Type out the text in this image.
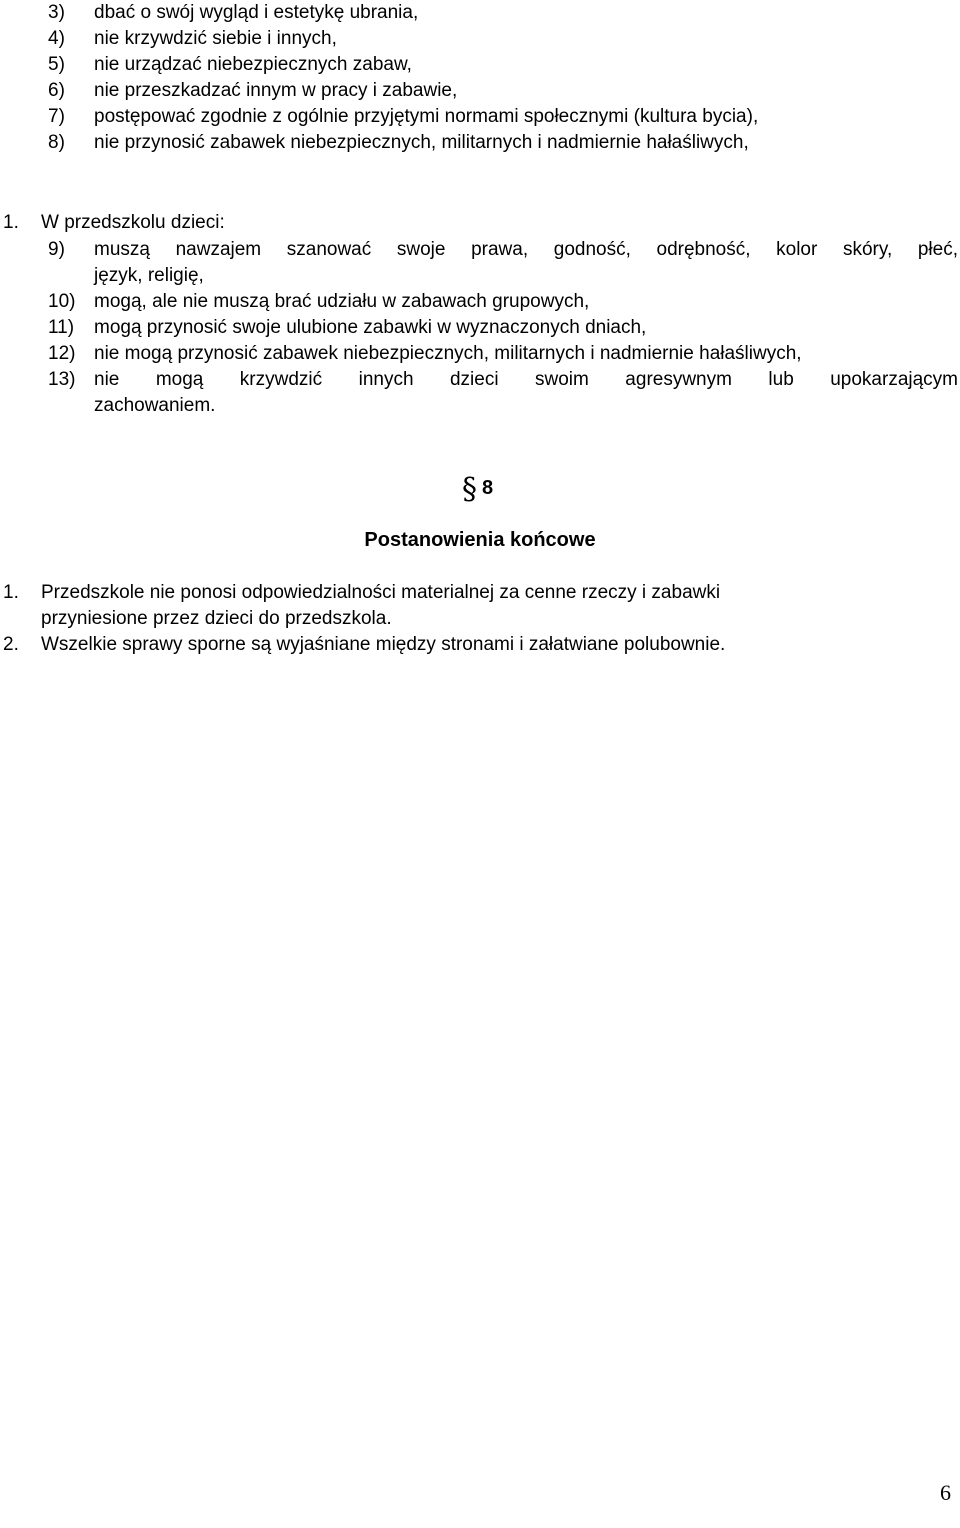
3) dbać o swój wygląd i estetykę ubrania,
4) nie krzywdzić siebie i innych,
5) nie urządzać niebezpiecznych zabaw,
6) nie przeszkadzać innym w pracy i zabawie,
7) postępować zgodnie z ogólnie przyjętymi normami społecznymi (kultura bycia),
8) nie przynosić zabawek niebezpiecznych, militarnych i nadmiernie hałaśliwych,
1. W przedszkolu dzieci:
9) muszą nawzajem szanować swoje prawa, godność, odrębność, kolor skóry, płeć,
język, religię,
10) mogą, ale nie muszą brać udziału w zabawach grupowych,
11) mogą przynosić swoje ulubione zabawki w wyznaczonych dniach,
12) nie mogą przynosić zabawek niebezpiecznych, militarnych i nadmiernie hałaśliwych,
13) nie mogą krzywdzić innych dzieci swoim agresywnym lub upokarzającym
zachowaniem.
§ 8
Postanowienia końcowe
1. Przedszkole nie ponosi odpowiedzialności materialnej za cenne rzeczy i zabawki
przyniesione przez dzieci do przedszkola.
2. Wszelkie sprawy sporne są wyjaśniane między stronami i załatwiane polubownie.
6
